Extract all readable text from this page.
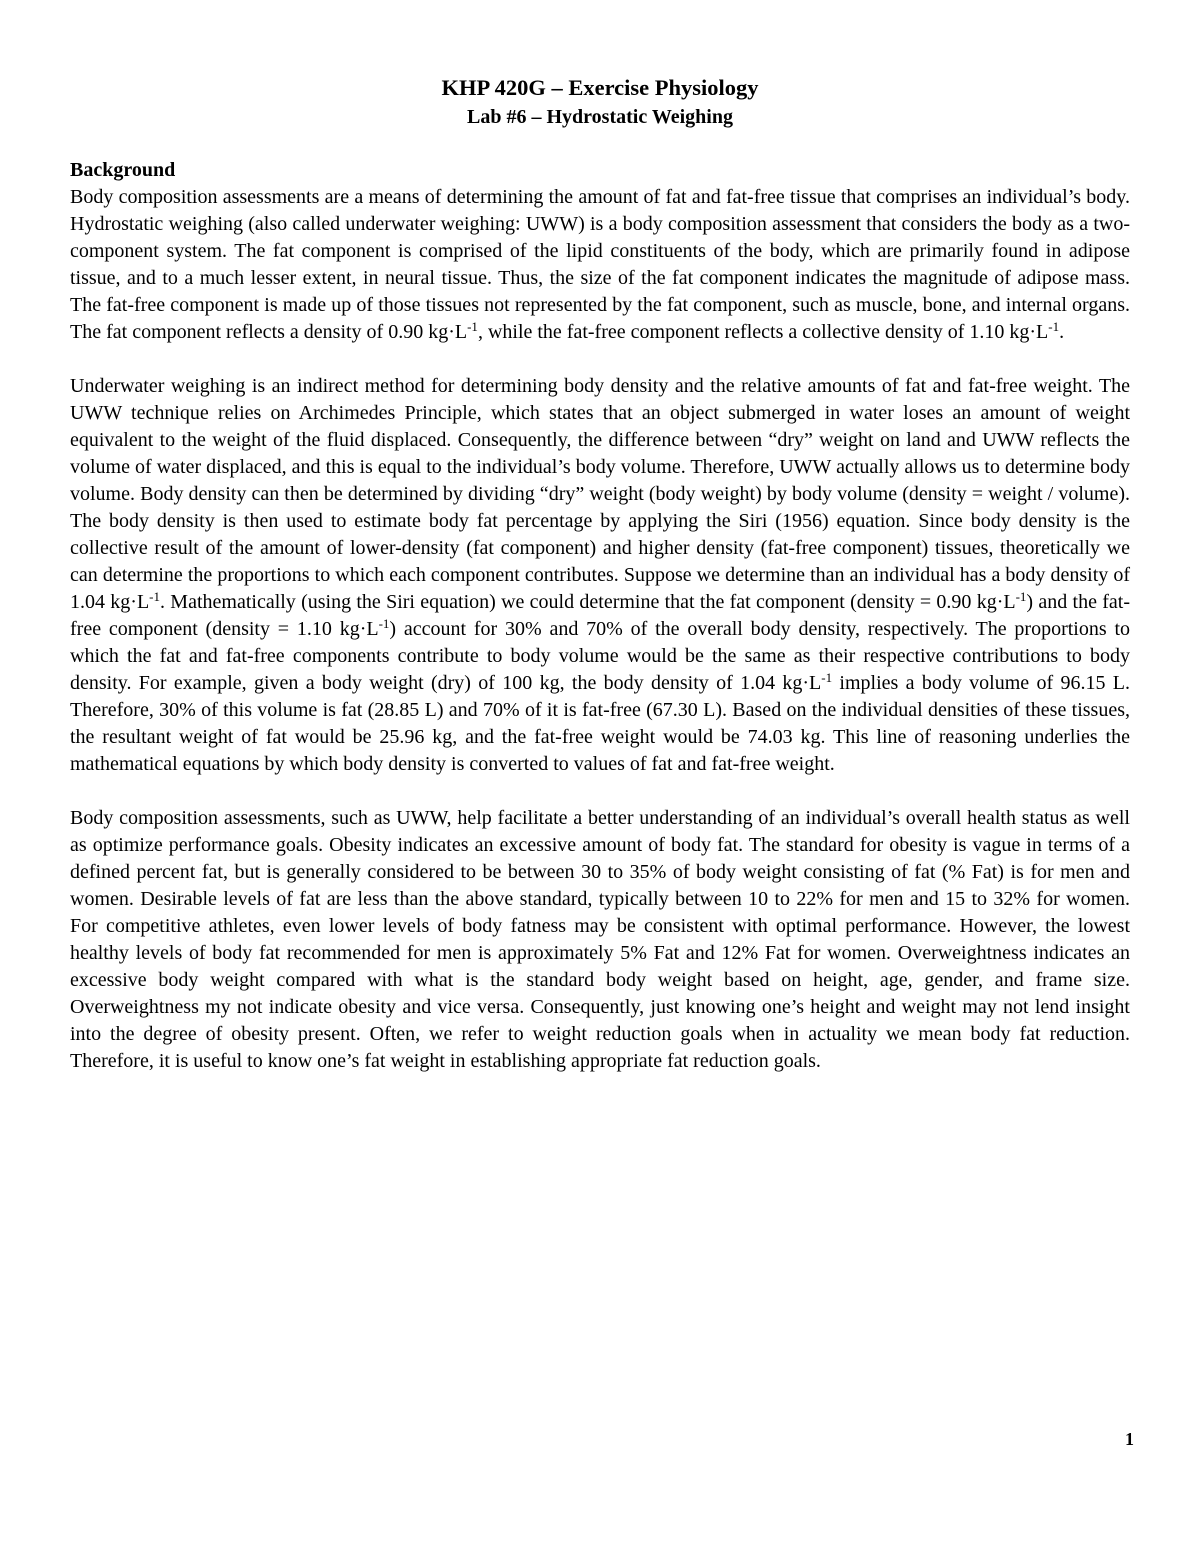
KHP 420G – Exercise Physiology
Lab #6 – Hydrostatic Weighing

Background

Body composition assessments are a means of determining the amount of fat and fat-free tissue that comprises an individual’s body. Hydrostatic weighing (also called underwater weighing: UWW) is a body composition assessment that considers the body as a two-component system. The fat component is comprised of the lipid constituents of the body, which are primarily found in adipose tissue, and to a much lesser extent, in neural tissue. Thus, the size of the fat component indicates the magnitude of adipose mass. The fat-free component is made up of those tissues not represented by the fat component, such as muscle, bone, and internal organs. The fat component reflects a density of 0.90 $kg\cdot L^{-1}$, while the fat-free component reflects a collective density of 1.10 $kg\cdot L^{-1}$.

Underwater weighing is an indirect method for determining body density and the relative amounts of fat and fat-free weight. The UWW technique relies on Archimedes Principle, which states that an object submerged in water loses an amount of weight equivalent to the weight of the fluid displaced. Consequently, the difference between “dry” weight on land and UWW reflects the volume of water displaced, and this is equal to the individual’s body volume. Therefore, UWW actually allows us to determine body volume. Body density can then be determined by dividing “dry” weight (body weight) by body volume (density = weight / volume). The body density is then used to estimate body fat percentage by applying the Siri (1956) equation. Since body density is the collective result of the amount of lower-density (fat component) and higher density (fat-free component) tissues, theoretically we can determine the proportions to which each component contributes. Suppose we determine than an individual has a body density of 1.04 $kg\cdot L^{-1}$. Mathematically (using the Siri equation) we could determine that the fat component (density = 0.90 $kg\cdot L^{-1}$) and the fat-free component (density = 1.10 $kg\cdot L^{-1}$) account for 30% and 70% of the overall body density, respectively. The proportions to which the fat and fat-free components contribute to body volume would be the same as their respective contributions to body density. For example, given a body weight (dry) of 100 kg, the body density of 1.04 $kg\cdot L^{-1}$ implies a body volume of 96.15 L. Therefore, 30% of this volume is fat (28.85 L) and 70% of it is fat-free (67.30 L). Based on the individual densities of these tissues, the resultant weight of fat would be 25.96 kg, and the fat-free weight would be 74.03 kg. This line of reasoning underlies the mathematical equations by which body density is converted to values of fat and fat-free weight.

Body composition assessments, such as UWW, help facilitate a better understanding of an individual’s overall health status as well as optimize performance goals. Obesity indicates an excessive amount of body fat. The standard for obesity is vague in terms of a defined percent fat, but is generally considered to be between 30 to 35% of body weight consisting of fat (% Fat) is for men and women. Desirable levels of fat are less than the above standard, typically between 10 to 22% for men and 15 to 32% for women. For competitive athletes, even lower levels of body fatness may be consistent with optimal performance. However, the lowest healthy levels of body fat recommended for men is approximately 5% Fat and 12% Fat for women. Overweightness indicates an excessive body weight compared with what is the standard body weight based on height, age, gender, and frame size. Overweightness my not indicate obesity and vice versa. Consequently, just knowing one’s height and weight may not lend insight into the degree of obesity present. Often, we refer to weight reduction goals when in actuality we mean body fat reduction. Therefore, it is useful to know one’s fat weight in establishing appropriate fat reduction goals.

1
